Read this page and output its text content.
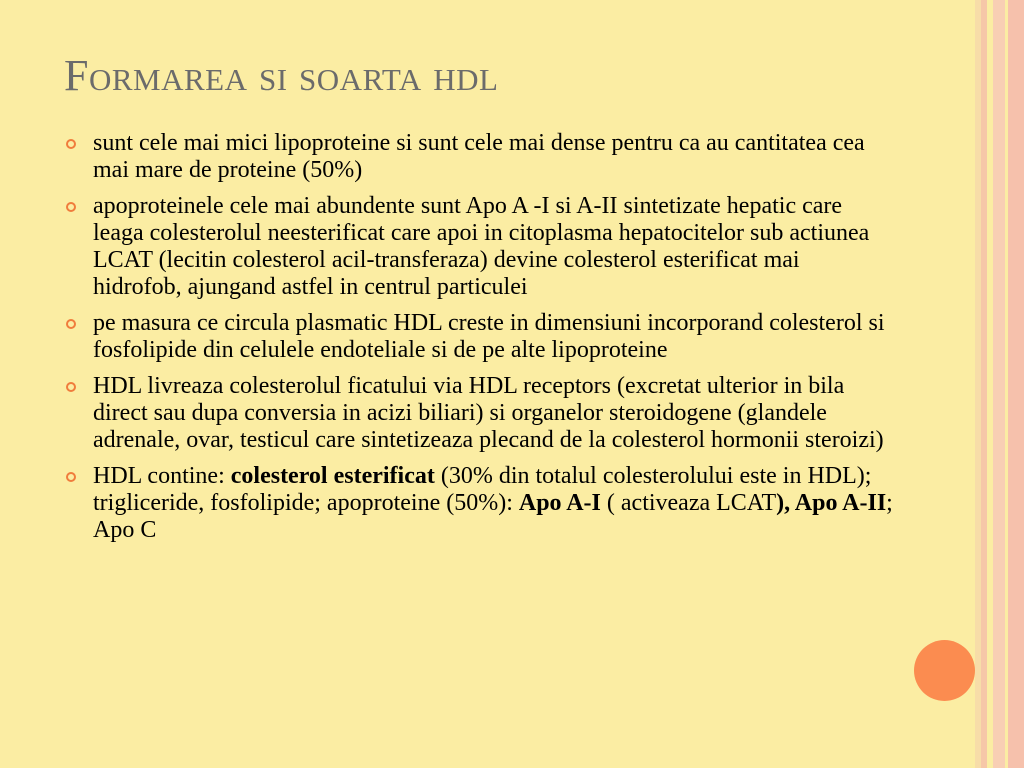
Formarea si soarta hdl
sunt cele mai mici lipoproteine si sunt cele mai dense pentru ca au cantitatea cea mai mare de proteine (50%)
apoproteinele cele mai abundente sunt Apo A -I si A-II sintetizate hepatic care leaga colesterolul neesterificat care apoi in citoplasma hepatocitelor sub actiunea LCAT (lecitin colesterol acil-transferaza) devine colesterol esterificat mai hidrofob, ajungand astfel in centrul particulei
pe masura ce circula plasmatic HDL creste in dimensiuni incorporand colesterol si fosfolipide din celulele endoteliale si de pe alte lipoproteine
HDL livreaza colesterolul ficatului via HDL receptors (excretat ulterior in bila direct sau dupa conversia in acizi biliari) si organelor steroidogene (glandele adrenale, ovar, testicul care sintetizeaza plecand de la colesterol hormonii steroizi)
HDL contine: colesterol esterificat (30% din totalul colesterolului este in HDL); trigliceride, fosfolipide; apoproteine (50%): Apo A-I ( activeaza LCAT), Apo A-II; Apo C
